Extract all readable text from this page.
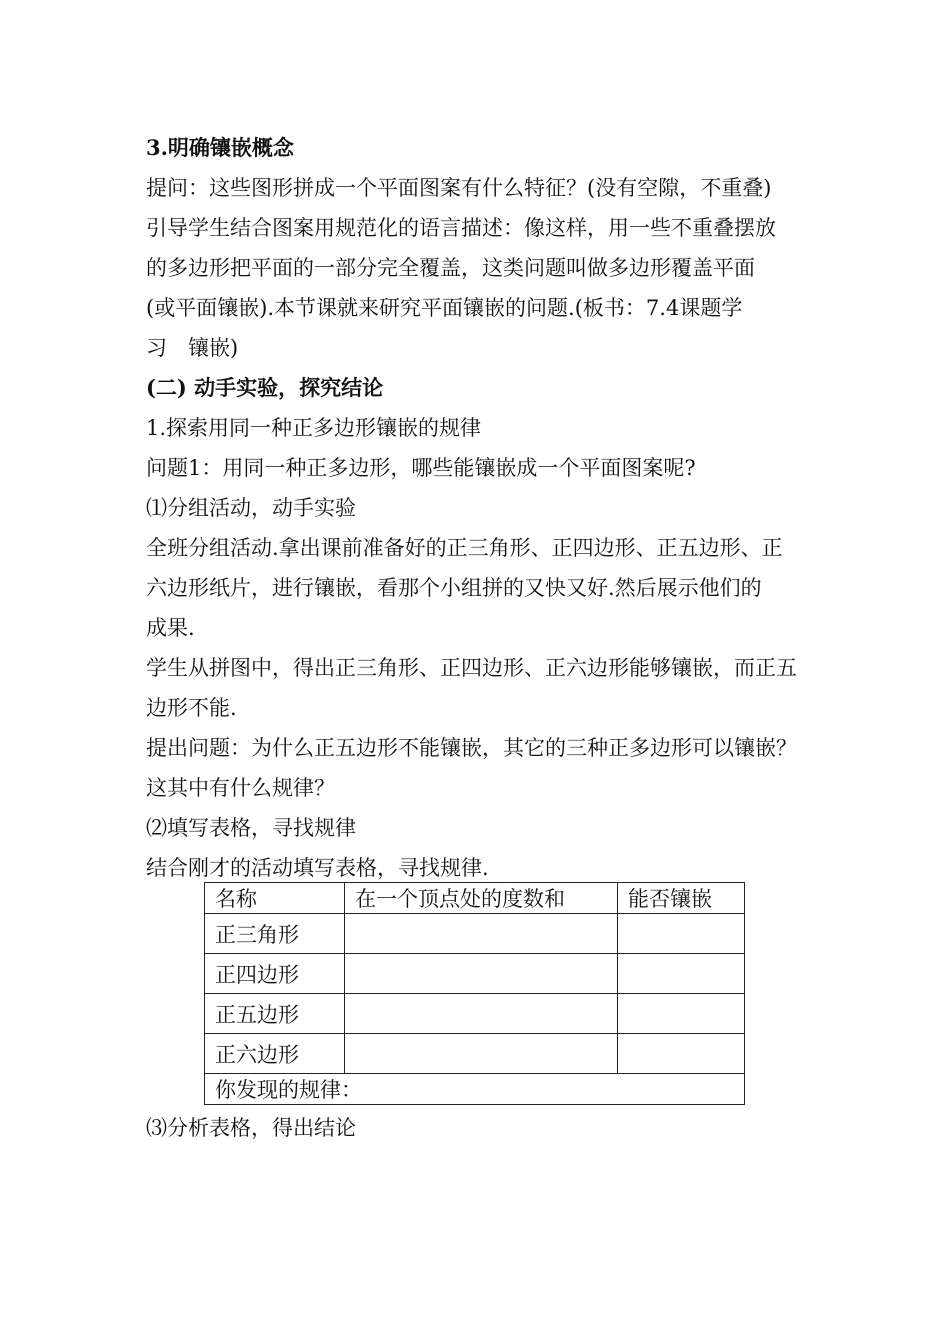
3.明确镶嵌概念
提问：这些图形拼成一个平面图案有什么特征？(没有空隙，不重叠)
引导学生结合图案用规范化的语言描述：像这样，用一些不重叠摆放
的多边形把平面的一部分完全覆盖，这类问题叫做多边形覆盖平面
(或平面镶嵌).本节课就来研究平面镶嵌的问题.(板书：7.4课题学
习　镶嵌)
(二) 动手实验，探究结论
1.探索用同一种正多边形镶嵌的规律
问题1：用同一种正多边形，哪些能镶嵌成一个平面图案呢?
⑴分组活动，动手实验
全班分组活动.拿出课前准备好的正三角形、正四边形、正五边形、正
六边形纸片，进行镶嵌，看那个小组拼的又快又好.然后展示他们的
成果.
学生从拼图中，得出正三角形、正四边形、正六边形能够镶嵌，而正五
边形不能.
提出问题：为什么正五边形不能镶嵌，其它的三种正多边形可以镶嵌？
这其中有什么规律？
⑵填写表格，寻找规律
结合刚才的活动填写表格，寻找规律.
名称	在一个顶点处的度数和	能否镶嵌
正三角形		
正四边形		
正五边形		
正六边形		
你发现的规律：		
⑶分析表格，得出结论
